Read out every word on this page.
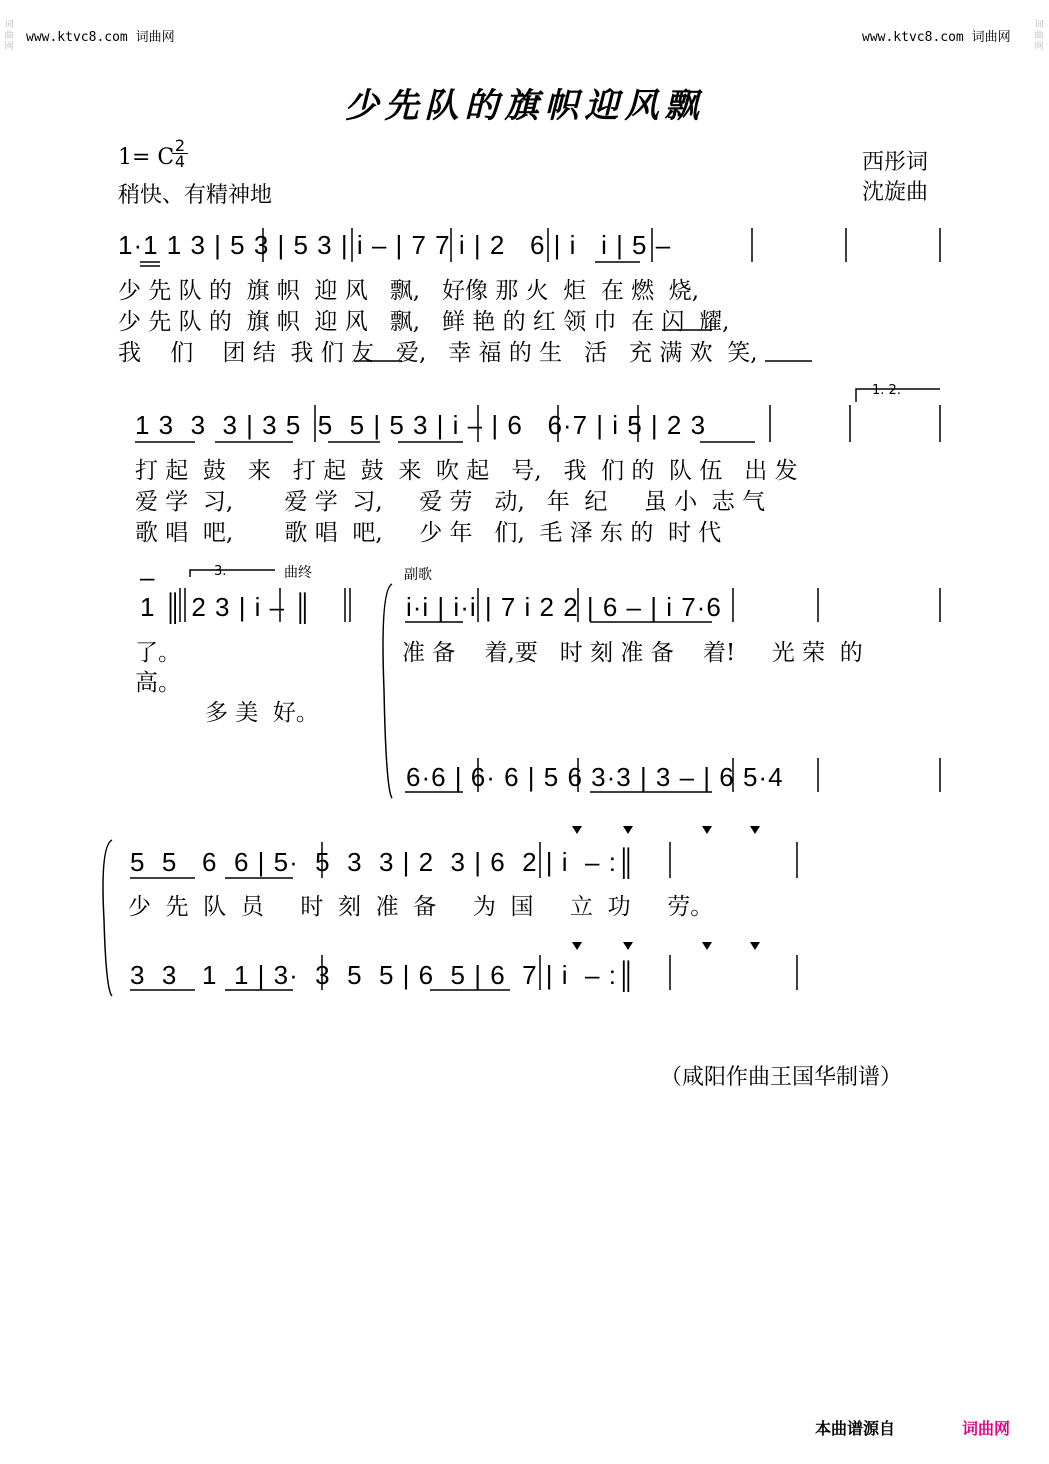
www.ktvc8.com 词曲网	www.ktvc8.com 词曲网
词曲网
词曲网
少先队的旗帜迎风飘
1= C 2
4
稍快、有精神地
西彤词
沈旋曲
1·1 1 3 | 5 3 | 5 3 | i – | 7 7 i | 2   6 | i   i | 5 –
少 先 队 的  旗 帜  迎 风   飘,   好像 那 火  炬  在 燃  烧,
少 先 队 的  旗 帜  迎 风   飘,   鲜 艳 的 红 领 巾  在 闪  耀,
我    们    团 结  我 们 友   爱,   幸 福 的 生   活   充 满 欢  笑,
1. 2.
1 3  3  3 | 3 5  5  5 | 5 3 | i – | 6   6·7 | i 5 | 2 3
打 起  鼓   来   打 起  鼓  来  吹 起   号,   我  们 的  队 伍   出 发
爱 学  习,       爱 学  习,     爱 劳   动,   年  纪     虽 小  志 气
歌 唱  吧,       歌 唱  吧,     少 年   们,  毛 泽 东 的  时 代
3.	曲终	副歌
–
1 ║ 2 3 | i – ║
了。
高。
多 美  好。
i·i | i·i | 7 i 2 2 | 6 – | i 7·6
准 备    着,要   时 刻 准 备    着!     光 荣  的
6·6 | 6· 6 | 5 6 3·3 | 3 – | 6 5·4
5  5   6  6 | 5·  5  3  3 | 2  3 | 6  2 | i  – :║
少  先  队  员     时  刻  准  备     为  国     立  功     劳。
3  3   1  1 | 3·  3  5  5 | 6  5 | 6  7 | i  – :║
（咸阳作曲王国华制谱）
本曲谱源自	词曲网
